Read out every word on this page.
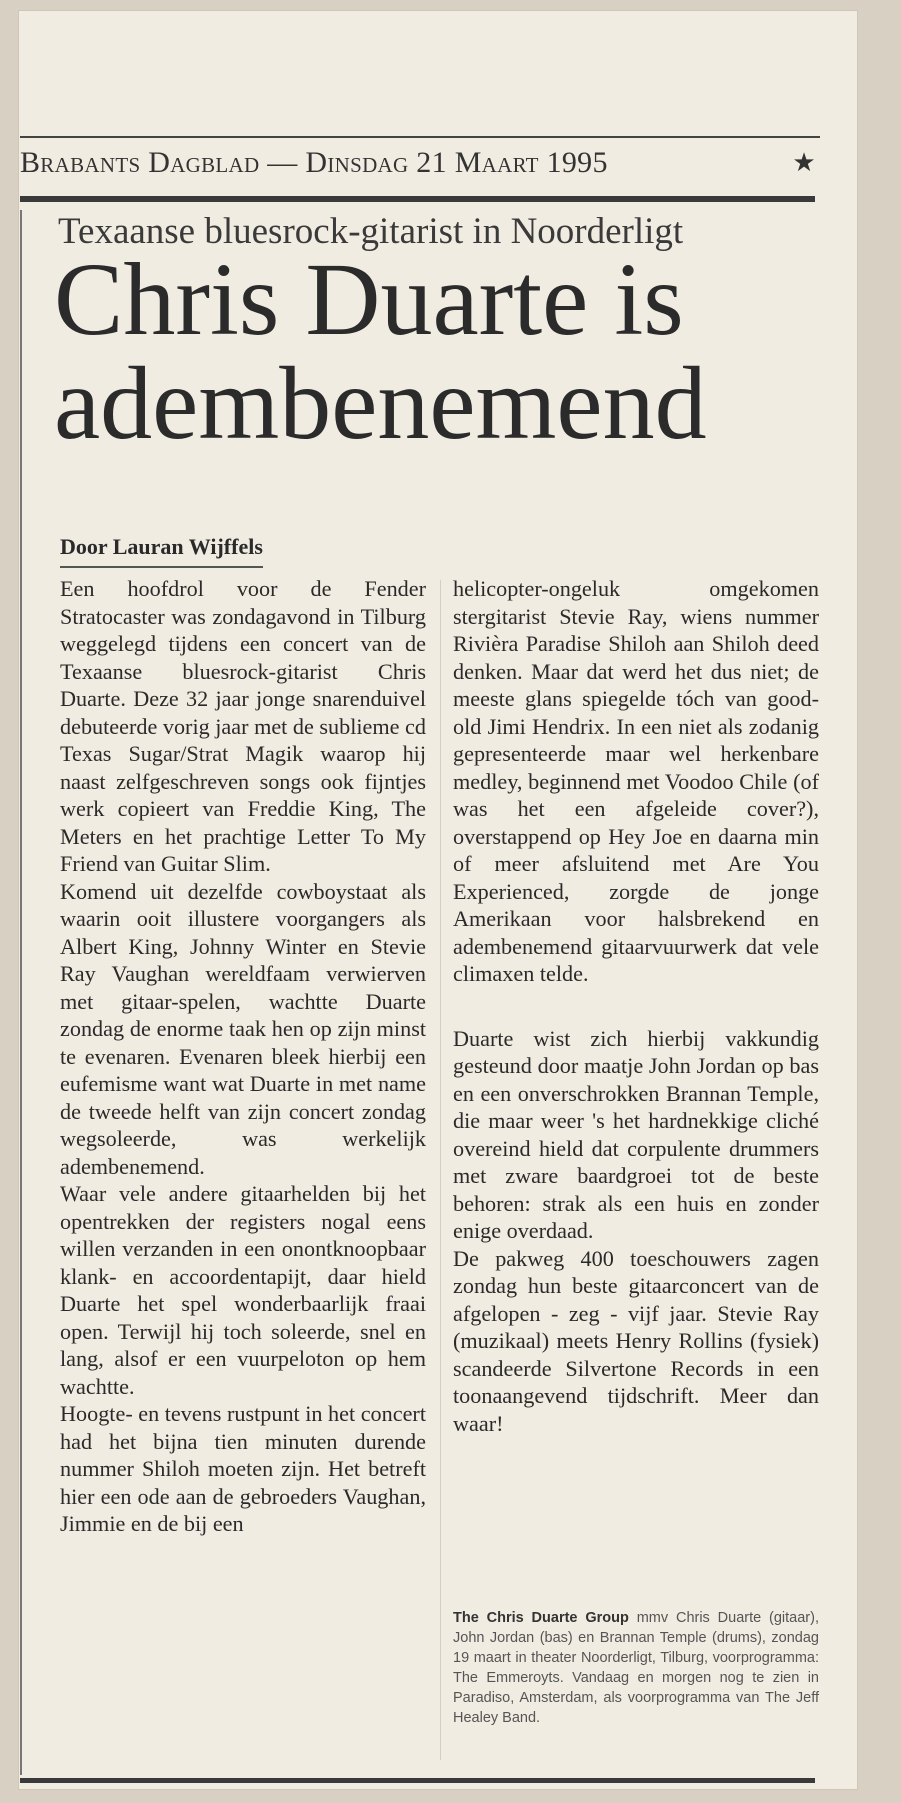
Brabants Dagblad — Dinsdag 21 Maart 1995	★
Texaanse bluesrock-gitarist in Noorderligt
Chris Duarte is adembenemend
Door Lauran Wijffels

Een hoofdrol voor de Fender Stratocaster was zondagavond in Tilburg weggelegd tijdens een concert van de Texaanse bluesrock-gitarist Chris Duarte. Deze 32 jaar jonge snarenduivel debuteerde vorig jaar met de sublieme cd Texas Sugar/Strat Magik waarop hij naast zelfgeschreven songs ook fijntjes werk copieert van Freddie King, The Meters en het prachtige Letter To My Friend van Guitar Slim.

Komend uit dezelfde cowboystaat als waarin ooit illustere voorgangers als Albert King, Johnny Winter en Stevie Ray Vaughan wereldfaam verwierven met gitaar-spelen, wachtte Duarte zondag de enorme taak hen op zijn minst te evenaren. Evenaren bleek hierbij een eufemisme want wat Duarte in met name de tweede helft van zijn concert zondag wegsoleerde, was werkelijk adembenemend.

Waar vele andere gitaarhelden bij het opentrekken der registers nogal eens willen verzanden in een onontknoopbaar klank- en accoordentapijt, daar hield Duarte het spel wonderbaarlijk fraai open. Terwijl hij toch soleerde, snel en lang, alsof er een vuurpeloton op hem wachtte.

Hoogte- en tevens rustpunt in het concert had het bijna tien minuten durende nummer Shiloh moeten zijn. Het betreft hier een ode aan de gebroeders Vaughan, Jimmie en de bij een

helicopter-ongeluk omgekomen stergitarist Stevie Ray, wiens nummer Rivièra Paradise Shiloh aan Shiloh deed denken. Maar dat werd het dus niet; de meeste glans spiegelde tóch van good-old Jimi Hendrix. In een niet als zodanig gepresenteerde maar wel herkenbare medley, beginnend met Voodoo Chile (of was het een afgeleide cover?), overstappend op Hey Joe en daarna min of meer afsluitend met Are You Experienced, zorgde de jonge Amerikaan voor halsbrekend en adembenemend gitaarvuurwerk dat vele climaxen telde.

Duarte wist zich hierbij vakkundig gesteund door maatje John Jordan op bas en een onverschrokken Brannan Temple, die maar weer 's het hardnekkige cliché overeind hield dat corpulente drummers met zware baardgroei tot de beste behoren: strak als een huis en zonder enige overdaad.

De pakweg 400 toeschouwers zagen zondag hun beste gitaarconcert van de afgelopen - zeg - vijf jaar. Stevie Ray (muzikaal) meets Henry Rollins (fysiek) scandeerde Silvertone Records in een toonaangevend tijdschrift. Meer dan waar!

The Chris Duarte Group mmv Chris Duarte (gitaar), John Jordan (bas) en Brannan Temple (drums), zondag 19 maart in theater Noorderligt, Tilburg, voorprogramma: The Emmeroyts. Vandaag en morgen nog te zien in Paradiso, Amsterdam, als voorprogramma van The Jeff Healey Band.
